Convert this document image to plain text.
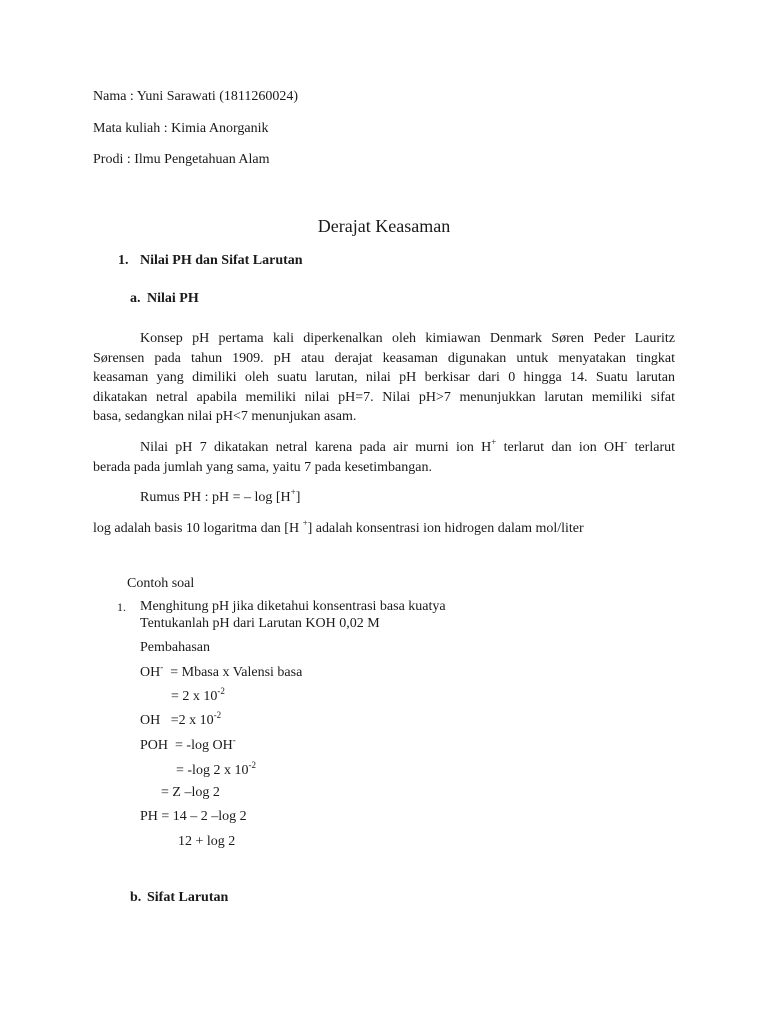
Nama : Yuni Sarawati (1811260024)
Mata kuliah : Kimia Anorganik
Prodi : Ilmu Pengetahuan Alam
Derajat Keasaman
1. Nilai PH dan Sifat Larutan
a. Nilai PH
Konsep pH pertama kali diperkenalkan oleh kimiawan Denmark Søren Peder Lauritz
Sørensen pada tahun 1909. pH atau derajat keasaman digunakan untuk menyatakan tingkat
keasaman yang dimiliki oleh suatu larutan, nilai pH berkisar dari 0 hingga 14. Suatu larutan
dikatakan netral apabila memiliki nilai pH=7. Nilai pH>7 menunjukkan larutan memiliki sifat
basa, sedangkan nilai pH<7 menunjukan asam.
Nilai pH 7 dikatakan netral karena pada air murni ion H+ terlarut dan ion OH- terlarut
berada pada jumlah yang sama, yaitu 7 pada kesetimbangan.
Rumus PH : pH = – log [H+]
log adalah basis 10 logaritma dan [H +] adalah konsentrasi ion hidrogen dalam mol/liter
Contoh soal
1. Menghitung pH jika diketahui konsentrasi basa kuatya
Tentukanlah pH dari Larutan KOH 0,02 M
Pembahasan
OH-  = Mbasa x Valensi basa
= 2 x $10^{-2}$
OH   =2 x $10^{-2}$
POH  = -log OH-
= -log 2 x $10^{-2}$
= Z –log 2
PH = 14 – 2 –log 2
12 + log 2
b. Sifat Larutan
